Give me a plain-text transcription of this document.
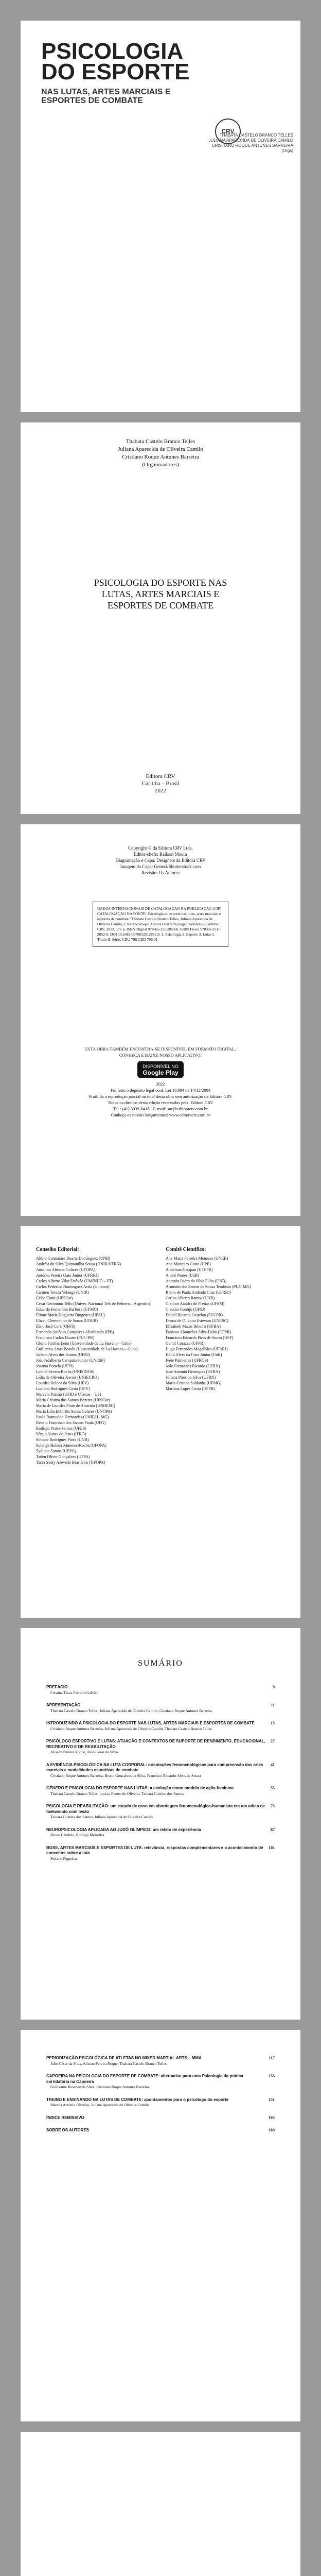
PSICOLOGIA DO ESPORTE
NAS LUTAS, ARTES MARCIAIS E ESPORTES DE COMBATE
CRV
THABATA CASTELO BRANCO TELLES
JULIANA APARECIDA DE OLIVEIRA CAMILO
CRISTIANO ROQUE ANTUNES BARREIRA
(Orgs)
Thabata Castelo Branco Telles
Juliana Aparecida de Oliveira Camilo
Cristiano Roque Antunes Barreira
(Organizadores)
PSICOLOGIA DO ESPORTE NAS
LUTAS, ARTES MARCIAIS E
ESPORTES DE COMBATE
Editora CRV
Curitiba – Brasil
2022
Copyright © da Editora CRV Ltda.
Editor-chefe: Railson Moura
Diagramação e Capa: Designers da Editora CRV
Imagem da Capa: Geneci/Shutterstock.com
Revisão: Os Autores
DADOS INTERNACIONAIS DE CATALOGAÇÃO NA PUBLICAÇÃO (CIP) CATALOGAÇÃO NA FONTE. Psicologia do esporte nas lutas, artes marciais e esportes de combate / Thabata Castelo Branco Telles, Juliana Aparecida de Oliveira Camilo, Cristiano Roque Antunes Barreira (organizadores) – Curitiba : CRV, 2022. 176 p. ISBN Digital 978-65-251-2853-6. ISBN Físico 978-65-251-2852-9. DOI 10.24824/978652512852.9. 1. Psicologia 2. Esporte 3. Lutas I. Título II. Série. CDU 796 CDD 796.01
ESTA OBRA TAMBÉM ENCONTRA-SE DISPONÍVEL EM FORMATO DIGITAL.
CONHEÇA E BAIXE NOSSO APLICATIVO!
DISPONÍVEL NO
Google Play
2022
Foi feito o depósito legal conf. Lei 10.994 de 14/12/2004
Proibida a reprodução parcial ou total desta obra sem autorização da Editora CRV
Todos os direitos desta edição reservados pela: Editora CRV
Tel.: (41) 3039-6418 - E-mail: sac@editoracrv.com.br
Conheça os nossos lançamentos: www.editoracrv.com.br
Conselho Editorial:
Aldira Guimarães Duarte Domínguez (UNB)
Andréia da Silva Quintanilha Sousa (UNIR/UFRN)
Anselmo Alencar Colares (UFOPA)
Antônio Pereira Gaio Júnior (UFRRJ)
Carlos Alberto Vilar Estêvão (UMINHO – PT)
Carlos Federico Dominguez Avila (Unieuro)
Carmen Tereza Velanga (UNIR)
Celso Conti (UFSCar)
Cesar Gerónimo Tello (Univer. Nacional Três de Febrero – Argentina)
Eduardo Fernandes Barbosa (UFMG)
Elione Maria Nogueira Diogenes (UFAL)
Elizeu Clementino de Souza (UNEB)
Élsio José Corá (UFFS)
Fernando Antônio Gonçalves Alcoforado (IPB)
Francisco Carlos Duarte (PUC-PR)
Gloria Fariñas León (Universidade de La Havana – Cuba)
Guillermo Arias Beatón (Universidade de La Havana – Cuba)
Jailson Alves dos Santos (UFRJ)
João Adalberto Campato Junior (UNESP)
Josania Portela (UFPI)
Leonel Severo Rocha (UNISINOS)
Lídia de Oliveira Xavier (UNIEURO)
Lourdes Helena da Silva (UFV)
Luciano Rodrigues Costa (UFV)
Marcelo Paixão (UFRJ e UTexas – US)
Maria Cristina dos Santos Bezerra (UFSCar)
Maria de Lourdes Pinto de Almeida (UNOESC)
Maria Lília Imbiriba Sousa Colares (UNOPA)
Paulo Romualdo Hernandes (UNIFAL-MG)
Renato Francisco dos Santos Paula (UFG)
Rodrigo Pratte-Santos (UFES)
Sérgio Nunes de Jesus (IFRO)
Simone Rodrigues Pinto (UNB)
Solange Helena Ximenes-Rocha (UFOPA)
Sydione Santos (UEPG)
Tadeu Oliver Gonçalves (UFPA)
Tania Suely Azevedo Brasileiro (UFOPA)
Comitê Científico:
Ana Maria Ferreira Menezes (UNEB)
Ana Monteiro Costa (UPE)
Anderson Catapan (UTFPR)
André Nunes (UnB)
Antonio Isidro da Silva Filho (UNB)
Armindo dos Santos de Sousa Teodósio (PUC-MG)
Breno de Paula Andrade Cruz (UFRRJ)
Carlos Alberto Ramos (UNB)
Clailton Ataídes de Freitas (UFSM)
Claudio Gontijo (UFSJ)
Daniel Ricardo Castelan (PUCPR)
Dimas de Oliveira Estevam (UNESC)
Elizabeth Matos Ribeiro (UFBA)
Fabiano Abranches Silva Dalto (UFPR)
Francisco Eduardo Pires de Souza (UFF)
Gentil Corazza (UFPR)
Hugo Fernandes Magalhães (UFRRJ)
Hélio Alves da Cruz Júnior (UnB)
Ivete Palmeiras (UFRGS)
João Fernandes Ricardo (UFRN)
José Antonio Henriques (UFBA)
Juliana Pires da Silva (UFRN)
Maria Cristina Saldanha (UFMG)
Mariana Lopes Costa (UFPR)
SUMÁRIO
PREFÁCIO	9
Cristina Tasca Ferreira Galvão
APRESENTAÇÃO	11
Thabata Castelo Branco Telles, Juliana Aparecida de Oliveira Camilo, Cristiano Roque Antunes Barreira
INTRODUZINDO A PSICOLOGIA DO ESPORTE NAS LUTAS, ARTES MARCIAIS E ESPORTES DE COMBATE	15
Cristiano Roque Antunes Barreira, Juliana Aparecida de Oliveira Camilo, Thabata Castelo Branco Telles
PSICÓLOGO ESPORTIVO E LUTAS: ATUAÇÃO E CONTEXTOS DE SUPORTE DE RENDIMENTO, EDUCACIONAL, RECREATIVO E DE REABILITAÇÃO
27
Alisson Pereira Roque, Julio César da Silva
A EVIDÊNCIA PSICOLÓGICA NA LUTA CORPORAL: orientações fenomenológicas para compreensão das artes marciais e modalidades esportivas de combate
41
Cristiano Roque Antunes Barreira, Bruno Gonçalves da Silva, Francisco Eduardo Alves de Souza
GÊNERO E PSICOLOGIA DO ESPORTE NAS LUTAS: a evolução como modelo de ação feminina	55
Thabata Castelo Branco Telles, Leticia Pontes de Oliveira, Tainara Cristina dos Santos
PSICOLOGIA E REABILITAÇÃO: um estudo de caso em abordagem fenomenológica-humanista em um atleta de taekwondo com lesão
73
Tainara Cristina dos Santos, Juliana Aparecida de Oliveira Camilo
NEUROPSICOLOGIA APLICADA AO JUDÔ OLÍMPICO: um relato de experiência	87
Bruno Cândido, Rodrigo Meirelles
BOXE, ARTES MARCIAIS E ESPORTES DE LUTA: relevância, respostas complementares e o acontecimento de conceitos sobre a luta
101
Stefano Figueiras
PERIODIZAÇÃO PSICOLÓGICA DE ATLETAS NO MIXED MARTIAL ARTS – MMA	117
Julio César da Silva, Alisson Pereira Roque, Thabata Castelo Branco Telles
CAPOEIRA NA PSICOLOGIA DO ESPORTE DE COMBATE: alternativa para uma Psicologia da prática corridatória na Capoeira
133
Guilherme Resende da Silva, Cristiano Roque Antunes Barreira
TREINO E ENSINANDO NA LUTAS DE COMBATE: apontamentos para o psicólogo do esporte	151
Marcos Antônio Oliveira, Juliana Aparecida de Oliveira Camilo
ÍNDICE REMISSIVO	165
SOBRE OS AUTORES	169
